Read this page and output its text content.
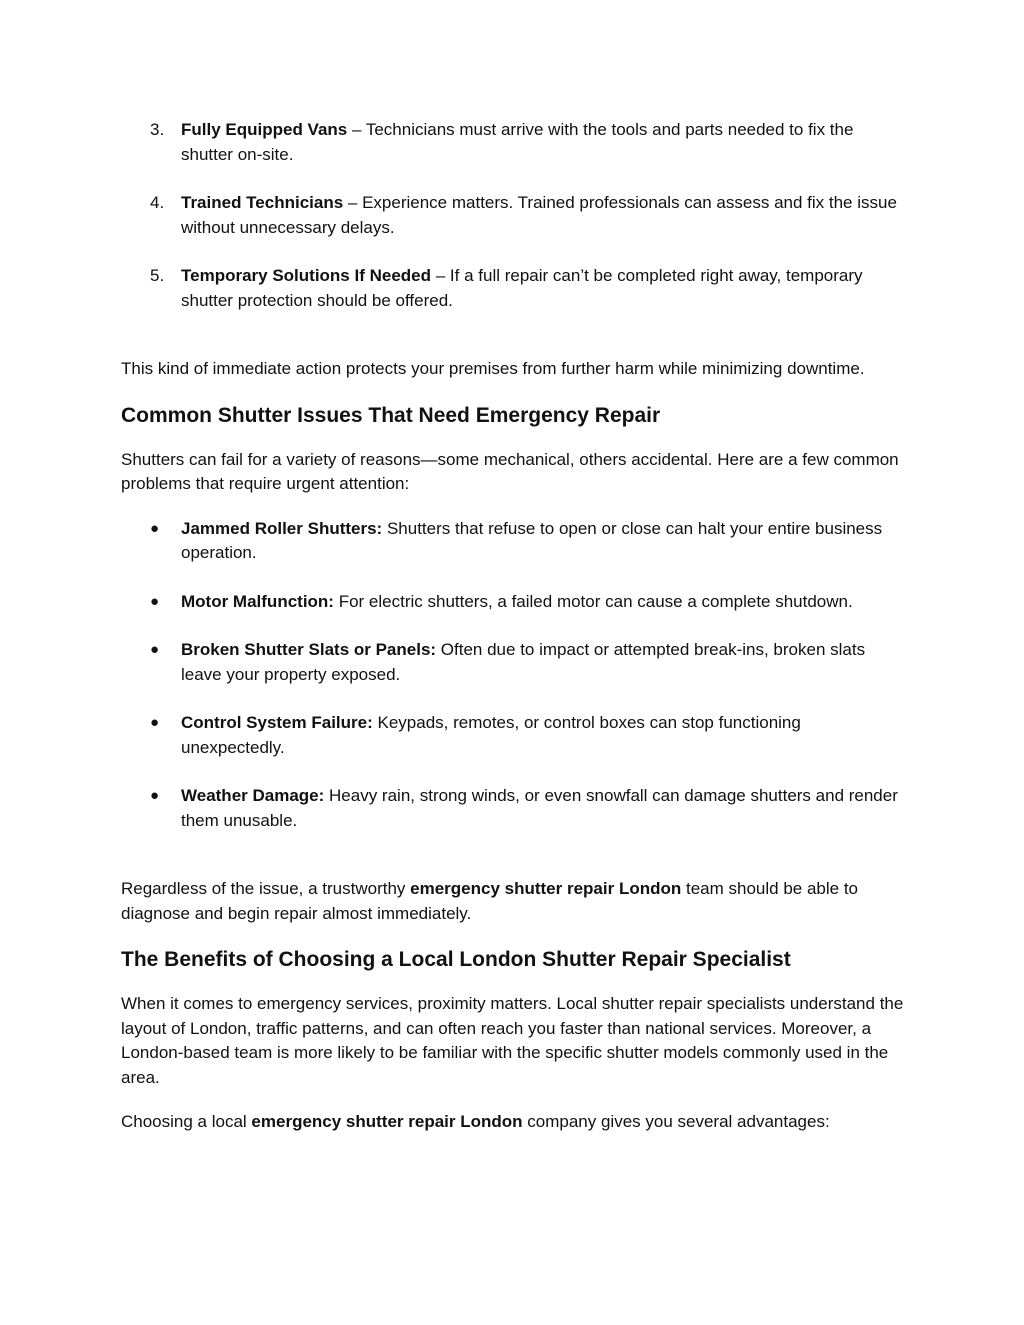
3. Fully Equipped Vans – Technicians must arrive with the tools and parts needed to fix the shutter on-site.
4. Trained Technicians – Experience matters. Trained professionals can assess and fix the issue without unnecessary delays.
5. Temporary Solutions If Needed – If a full repair can’t be completed right away, temporary shutter protection should be offered.

This kind of immediate action protects your premises from further harm while minimizing downtime.

Common Shutter Issues That Need Emergency Repair

Shutters can fail for a variety of reasons—some mechanical, others accidental. Here are a few common problems that require urgent attention:

● Jammed Roller Shutters: Shutters that refuse to open or close can halt your entire business operation.
● Motor Malfunction: For electric shutters, a failed motor can cause a complete shutdown.
● Broken Shutter Slats or Panels: Often due to impact or attempted break-ins, broken slats leave your property exposed.
● Control System Failure: Keypads, remotes, or control boxes can stop functioning unexpectedly.
● Weather Damage: Heavy rain, strong winds, or even snowfall can damage shutters and render them unusable.

Regardless of the issue, a trustworthy emergency shutter repair London team should be able to diagnose and begin repair almost immediately.

The Benefits of Choosing a Local London Shutter Repair Specialist

When it comes to emergency services, proximity matters. Local shutter repair specialists understand the layout of London, traffic patterns, and can often reach you faster than national services. Moreover, a London-based team is more likely to be familiar with the specific shutter models commonly used in the area.

Choosing a local emergency shutter repair London company gives you several advantages:
